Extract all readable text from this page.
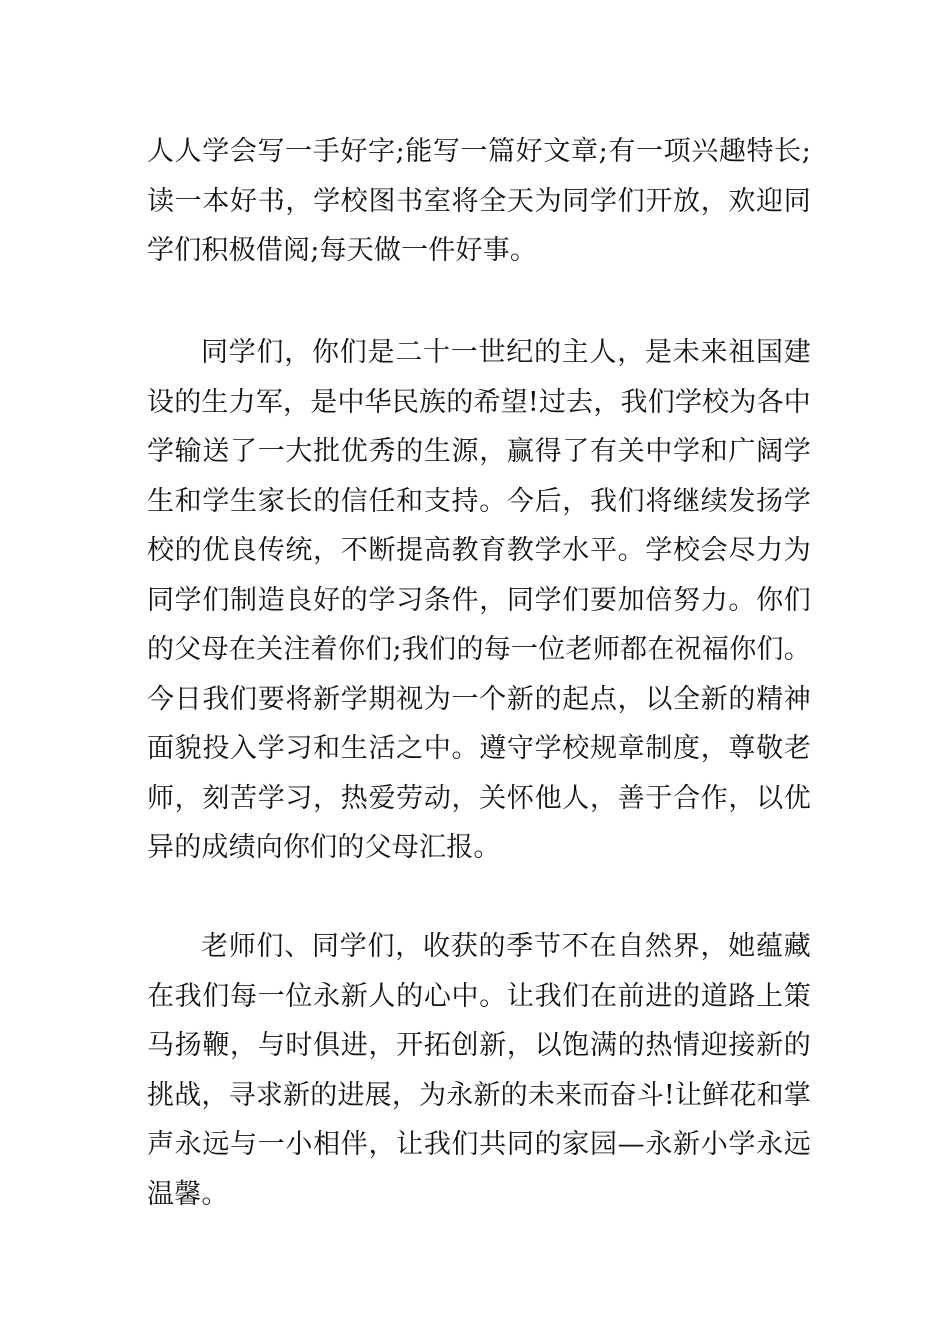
人人学会写一手好字;能写一篇好文章;有一项兴趣特长;读一本好书，学校图书室将全天为同学们开放，欢迎同学们积极借阅;每天做一件好事。

同学们，你们是二十一世纪的主人，是未来祖国建设的生力军，是中华民族的希望!过去，我们学校为各中学输送了一大批优秀的生源，赢得了有关中学和广阔学生和学生家长的信任和支持。今后，我们将继续发扬学校的优良传统，不断提高教育教学水平。学校会尽力为同学们制造良好的学习条件，同学们要加倍努力。你们的父母在关注着你们;我们的每一位老师都在祝福你们。今日我们要将新学期视为一个新的起点，以全新的精神面貌投入学习和生活之中。遵守学校规章制度，尊敬老师，刻苦学习，热爱劳动，关怀他人，善于合作，以优异的成绩向你们的父母汇报。

老师们、同学们，收获的季节不在自然界，她蕴藏在我们每一位永新人的心中。让我们在前进的道路上策马扬鞭，与时俱进，开拓创新，以饱满的热情迎接新的挑战，寻求新的进展，为永新的未来而奋斗!让鲜花和掌声永远与一小相伴，让我们共同的家园—永新小学永远温馨。
